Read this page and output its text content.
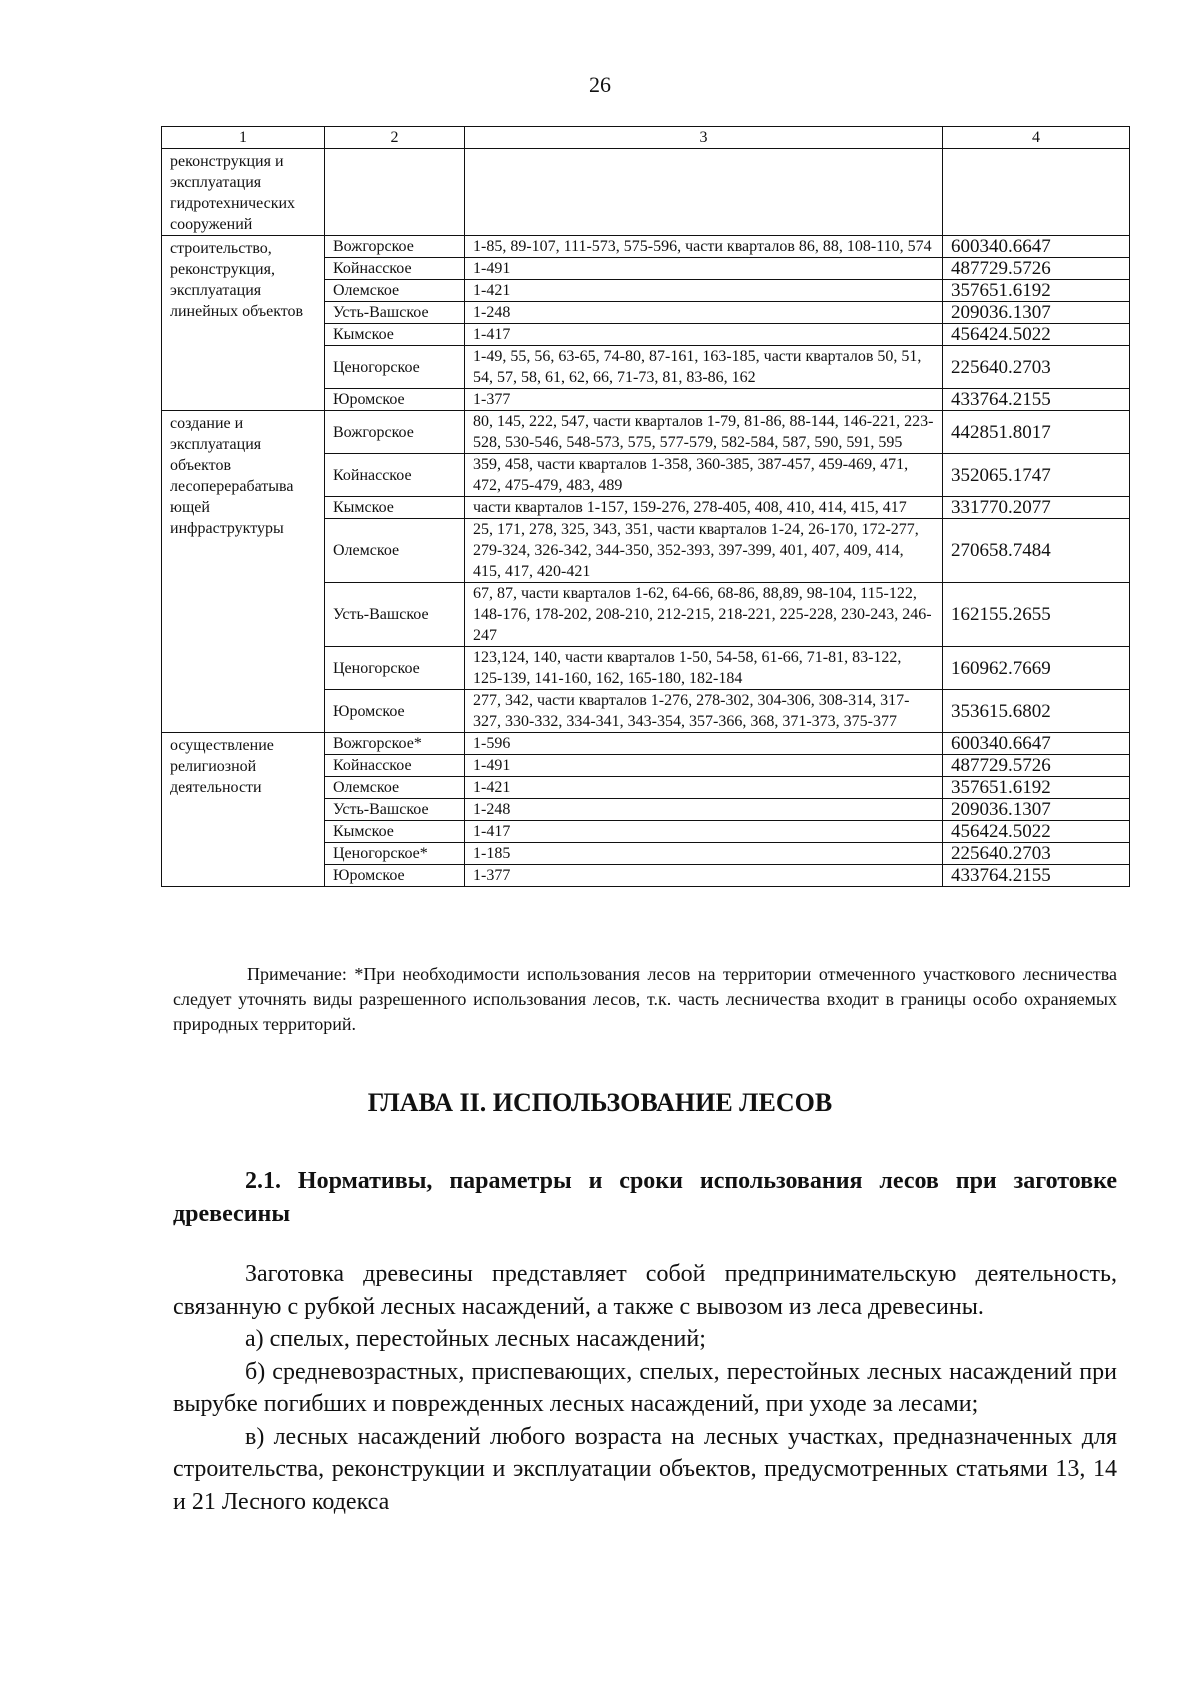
26
1	2	3	4
реконструкция и эксплуатация гидротехнических сооружений			
строительство, реконструкция, эксплуатация линейных объектов	Вожгорское	1-85, 89-107, 111-573, 575-596, части кварталов 86, 88, 108-110, 574	600340.6647
	Койнасское	1-491	487729.5726
	Олемское	1-421	357651.6192
	Усть-Вашское	1-248	209036.1307
	Кымское	1-417	456424.5022
	Ценогорское	1-49, 55, 56, 63-65, 74-80, 87-161, 163-185, части кварталов 50, 51, 54, 57, 58, 61, 62, 66, 71-73, 81, 83-86, 162	225640.2703
	Юромское	1-377	433764.2155
создание и эксплуатация объектов лесоперерабатыва ющей инфраструктуры	Вожгорское	80, 145, 222, 547, части кварталов 1-79, 81-86, 88-144, 146-221, 223-528, 530-546, 548-573, 575, 577-579, 582-584, 587, 590, 591, 595	442851.8017
	Койнасское	359, 458, части кварталов 1-358, 360-385, 387-457, 459-469, 471, 472, 475-479, 483, 489	352065.1747
	Кымское	части кварталов 1-157, 159-276, 278-405, 408, 410, 414, 415, 417	331770.2077
	Олемское	25, 171, 278, 325, 343, 351, части кварталов 1-24, 26-170, 172-277, 279-324, 326-342, 344-350, 352-393, 397-399, 401, 407, 409, 414, 415, 417, 420-421	270658.7484
	Усть-Вашское	67, 87, части кварталов 1-62, 64-66, 68-86, 88,89, 98-104, 115-122, 148-176, 178-202, 208-210, 212-215, 218-221, 225-228, 230-243, 246-247	162155.2655
	Ценогорское	123,124, 140, части кварталов 1-50, 54-58, 61-66, 71-81, 83-122, 125-139, 141-160, 162, 165-180, 182-184	160962.7669
	Юромское	277, 342, части кварталов 1-276, 278-302, 304-306, 308-314, 317-327, 330-332, 334-341, 343-354, 357-366, 368, 371-373, 375-377	353615.6802
осуществление религиозной деятельности	Вожгорское*	1-596	600340.6647
	Койнасское	1-491	487729.5726
	Олемское	1-421	357651.6192
	Усть-Вашское	1-248	209036.1307
	Кымское	1-417	456424.5022
	Ценогорское*	1-185	225640.2703
	Юромское	1-377	433764.2155
Примечание: *При необходимости использования лесов на территории отмеченного участкового лесничества следует уточнять виды разрешенного использования лесов, т.к. часть лесничества входит в границы особо охраняемых природных территорий.
ГЛАВА II. ИСПОЛЬЗОВАНИЕ ЛЕСОВ
2.1. Нормативы, параметры и сроки использования лесов при заготовке древесины

Заготовка древесины представляет собой предпринимательскую деятельность, связанную с рубкой лесных насаждений, а также с вывозом из леса древесины.

а) спелых, перестойных лесных насаждений;

б) средневозрастных, приспевающих, спелых, перестойных лесных насаждений при вырубке погибших и поврежденных лесных насаждений, при уходе за лесами;

в) лесных насаждений любого возраста на лесных участках, предназначенных для строительства, реконструкции и эксплуатации объектов, предусмотренных статьями 13, 14 и 21 Лесного кодекса
